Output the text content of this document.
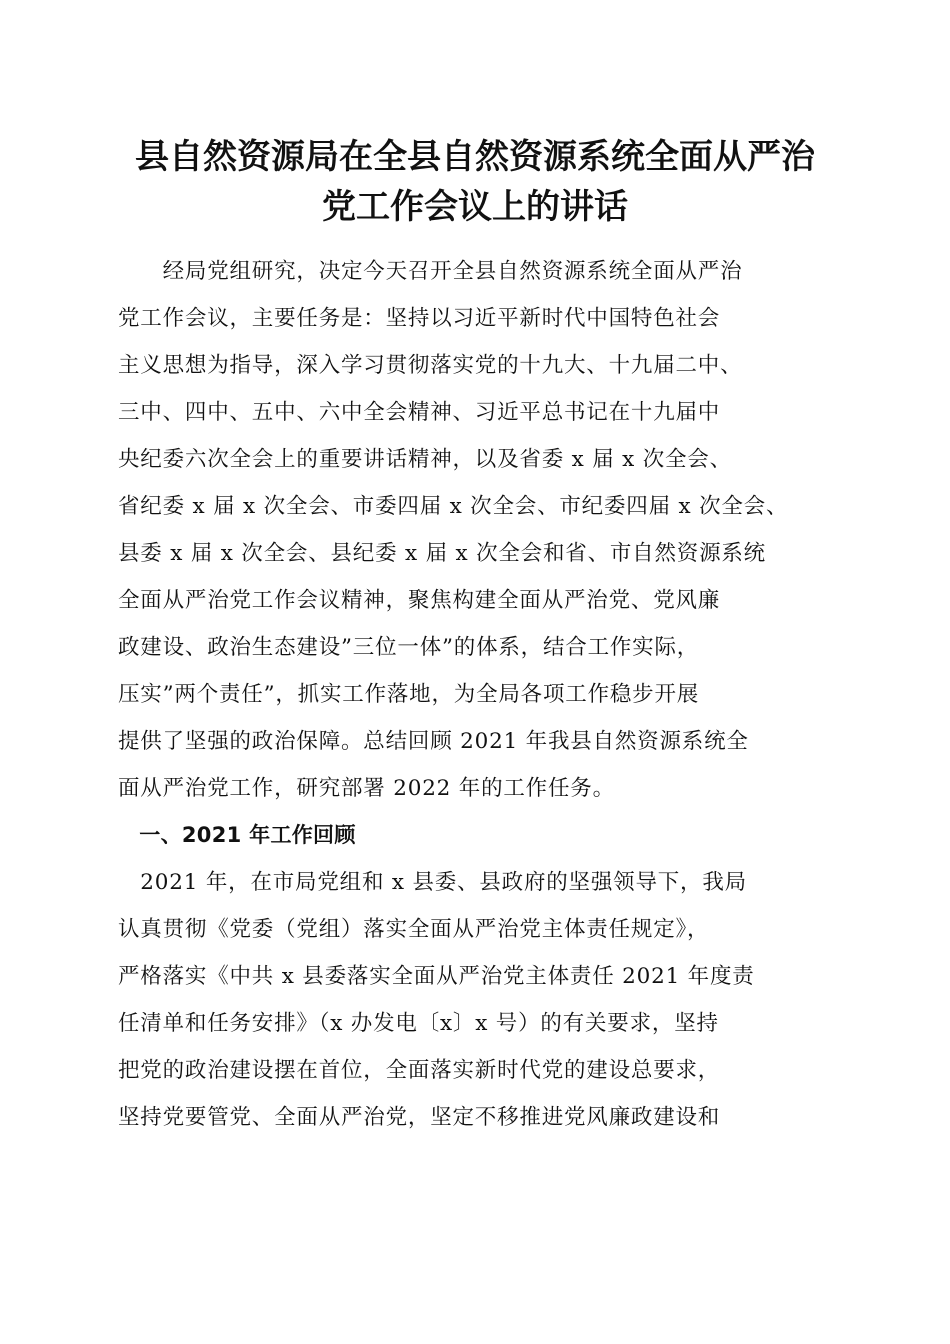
县自然资源局在全县自然资源系统全面从严治
党工作会议上的讲话
　　经局党组研究，决定今天召开全县自然资源系统全面从严治
党工作会议，主要任务是：坚持以习近平新时代中国特色社会
主义思想为指导，深入学习贯彻落实党的十九大、十九届二中、
三中、四中、五中、六中全会精神、习近平总书记在十九届中
央纪委六次全会上的重要讲话精神，以及省委 x 届 x 次全会、
省纪委 x 届 x 次全会、市委四届 x 次全会、市纪委四届 x 次全会、
县委 x 届 x 次全会、县纪委 x 届 x 次全会和省、市自然资源系统
全面从严治党工作会议精神，聚焦构建全面从严治党、党风廉
政建设、政治生态建设”三位一体”的体系，结合工作实际，
压实”两个责任”，抓实工作落地，为全局各项工作稳步开展
提供了坚强的政治保障。总结回顾 2021 年我县自然资源系统全
面从严治党工作，研究部署 2022 年的工作任务。
　一、2021 年工作回顾
　2021 年，在市局党组和 x 县委、县政府的坚强领导下，我局
认真贯彻《党委（党组）落实全面从严治党主体责任规定》，
严格落实《中共 x 县委落实全面从严治党主体责任 2021 年度责
任清单和任务安排》（x 办发电〔x〕x 号）的有关要求，坚持
把党的政治建设摆在首位，全面落实新时代党的建设总要求，
坚持党要管党、全面从严治党，坚定不移推进党风廉政建设和
